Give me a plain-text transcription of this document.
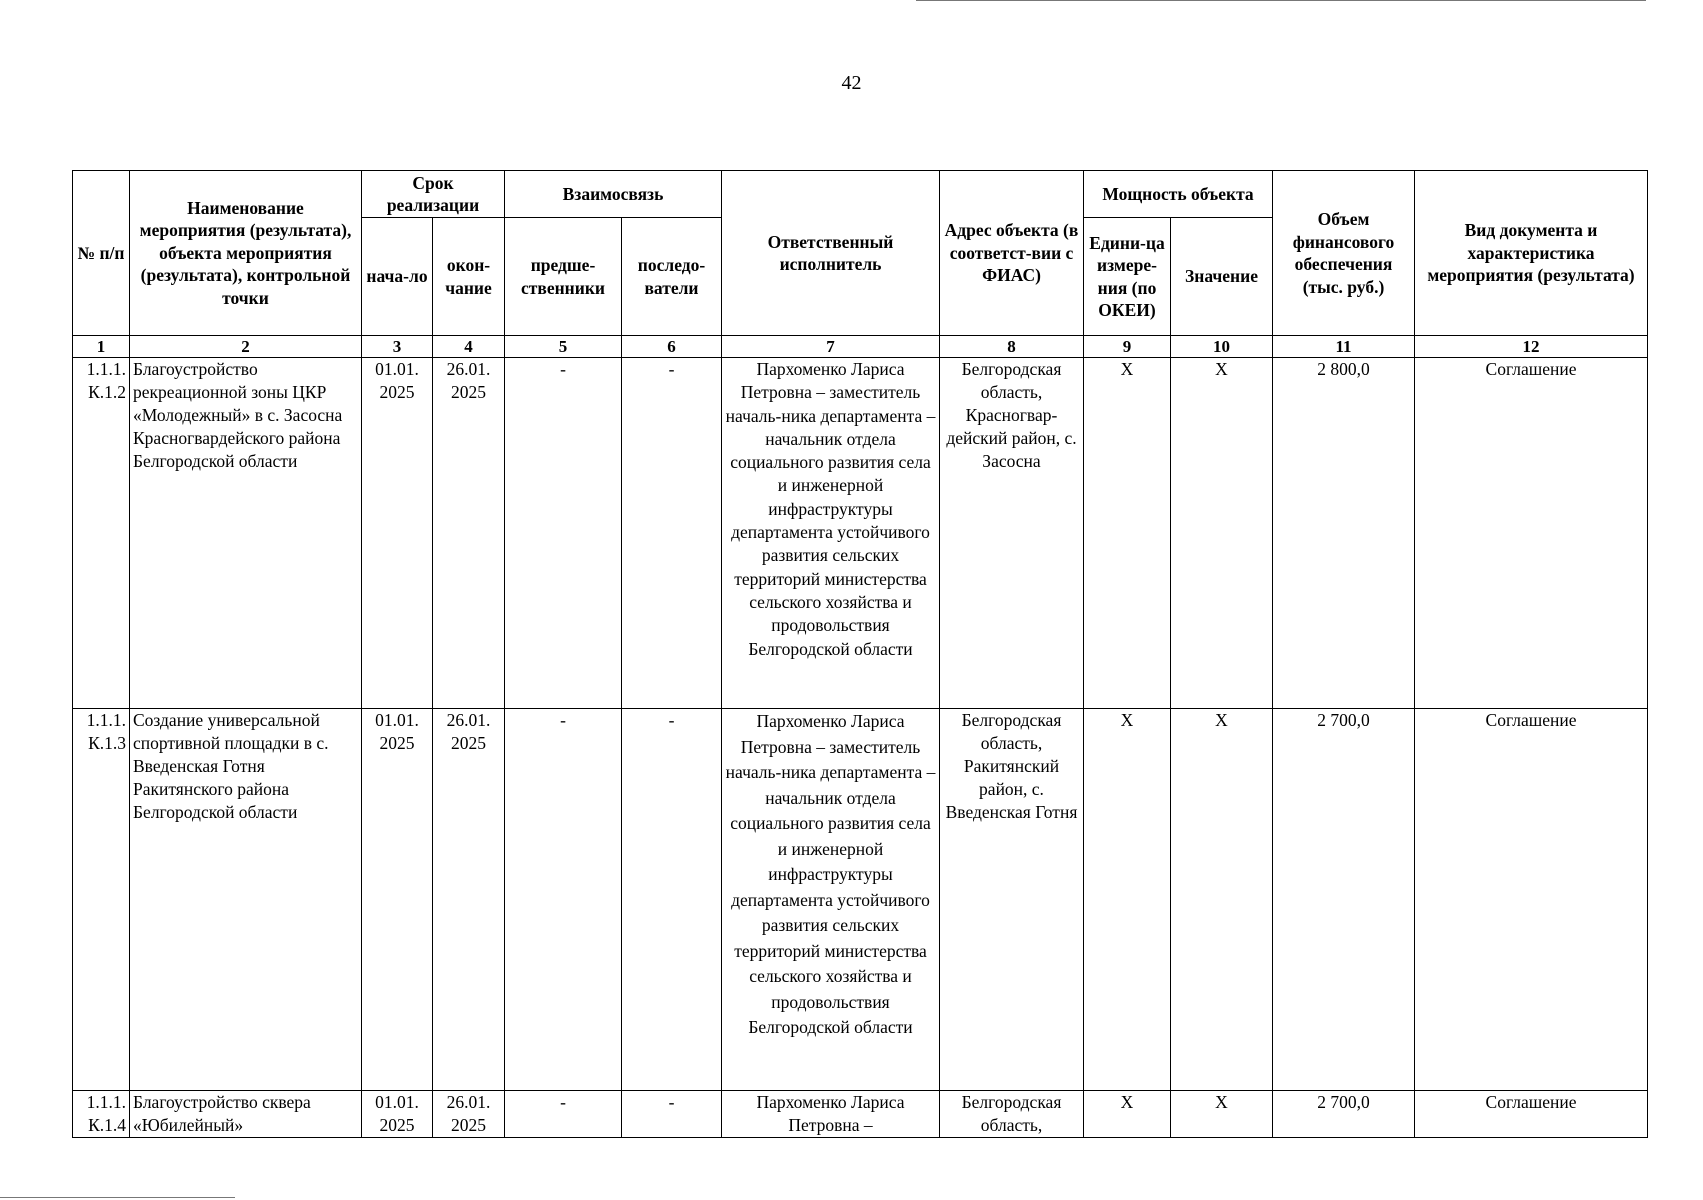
42
№ п/п	Наименование мероприятия (результата), объекта мероприятия (результата), контрольной точки	Срок реализации		Взаимосвязь		Ответственный исполнитель	Адрес объекта (в соответст-вии с ФИАС)	Мощность объекта		Объем финансового обеспечения (тыс. руб.)	Вид документа и характеристика мероприятия (результата)
		нача-ло	окон-чание	предше-ственники	последо-ватели			Едини-ца измере-ния (по ОКЕИ)	Значение		
1	2	3	4	5	6	7	8	9	10	11	12
1.1.1. К.1.2	Благоустройство рекреационной зоны ЦКР «Молодежный» в с. Засосна Красногвардейского района Белгородской области	01.01. 2025	26.01. 2025	-	-	Пархоменко Лариса Петровна – заместитель началь-ника департамента – начальник отдела социального развития села и инженерной инфраструктуры департамента устойчивого развития сельских территорий министерства сельского хозяйства и продовольствия Белгородской области	Белгородская область, Красногвар-дейский район, с. Засосна	X	X	2 800,0	Соглашение
1.1.1. К.1.3	Создание универсальной спортивной площадки в с. Введенская Готня Ракитянского района Белгородской области	01.01. 2025	26.01. 2025	-	-	Пархоменко Лариса Петровна – заместитель началь-ника департамента – начальник отдела социального развития села и инженерной инфраструктуры департамента устойчивого развития сельских территорий министерства сельского хозяйства и продовольствия Белгородской области	Белгородская область, Ракитянский район, с. Введенская Готня	X	X	2 700,0	Соглашение
1.1.1. К.1.4	Благоустройство сквера «Юбилейный»	01.01. 2025	26.01. 2025	-	-	Пархоменко Лариса Петровна –	Белгородская область,	X	X	2 700,0	Соглашение
